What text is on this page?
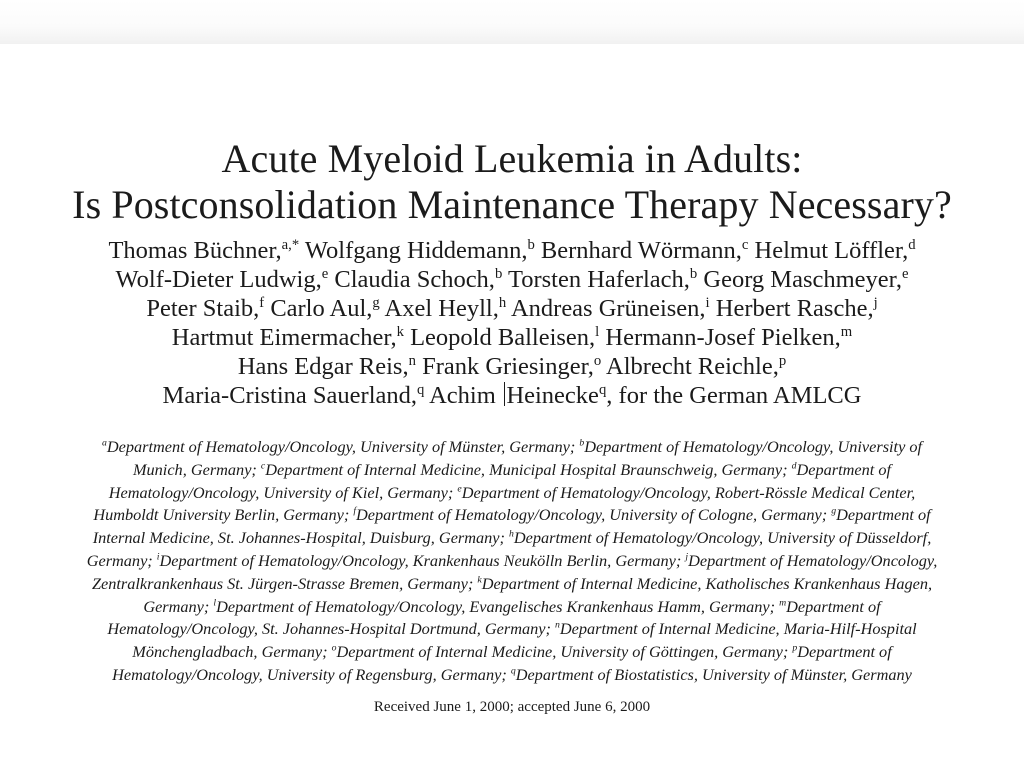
Acute Myeloid Leukemia in Adults:
Is Postconsolidation Maintenance Therapy Necessary?
Thomas Büchner,$^{a,*}$ Wolfgang Hiddemann,$^b$ Bernhard Wörmann,$^c$ Helmut Löffler,$^d$
Wolf-Dieter Ludwig,$^e$ Claudia Schoch,$^b$ Torsten Haferlach,$^b$ Georg Maschmeyer,$^e$
Peter Staib,$^f$ Carlo Aul,$^g$ Axel Heyll,$^h$ Andreas Grüneisen,$^i$ Herbert Rasche,$^j$
Hartmut Eimermacher,$^k$ Leopold Balleisen,$^l$ Hermann-Josef Pielken,$^m$
Hans Edgar Reis,$^n$ Frank Griesinger,$^o$ Albrecht Reichle,$^p$
Maria-Cristina Sauerland,$^q$ Achim Heinecke$^q$, for the German AMLCG
$^a$Department of Hematology/Oncology, University of Münster, Germany; $^b$Department of Hematology/Oncology, University of
Munich, Germany; $^c$Department of Internal Medicine, Municipal Hospital Braunschweig, Germany; $^d$Department of
Hematology/Oncology, University of Kiel, Germany; $^e$Department of Hematology/Oncology, Robert-Rössle Medical Center,
Humboldt University Berlin, Germany; $^f$Department of Hematology/Oncology, University of Cologne, Germany; $^g$Department of
Internal Medicine, St. Johannes-Hospital, Duisburg, Germany; $^h$Department of Hematology/Oncology, University of Düsseldorf,
Germany; $^i$Department of Hematology/Oncology, Krankenhaus Neukölln Berlin, Germany; $^j$Department of Hematology/Oncology,
Zentralkrankenhaus St. Jürgen-Strasse Bremen, Germany; $^k$Department of Internal Medicine, Katholisches Krankenhaus Hagen,
Germany; $^l$Department of Hematology/Oncology, Evangelisches Krankenhaus Hamm, Germany; $^m$Department of
Hematology/Oncology, St. Johannes-Hospital Dortmund, Germany; $^n$Department of Internal Medicine, Maria-Hilf-Hospital
Mönchengladbach, Germany; $^o$Department of Internal Medicine, University of Göttingen, Germany; $^p$Department of
Hematology/Oncology, University of Regensburg, Germany; $^q$Department of Biostatistics, University of Münster, Germany
Received June 1, 2000; accepted June 6, 2000
